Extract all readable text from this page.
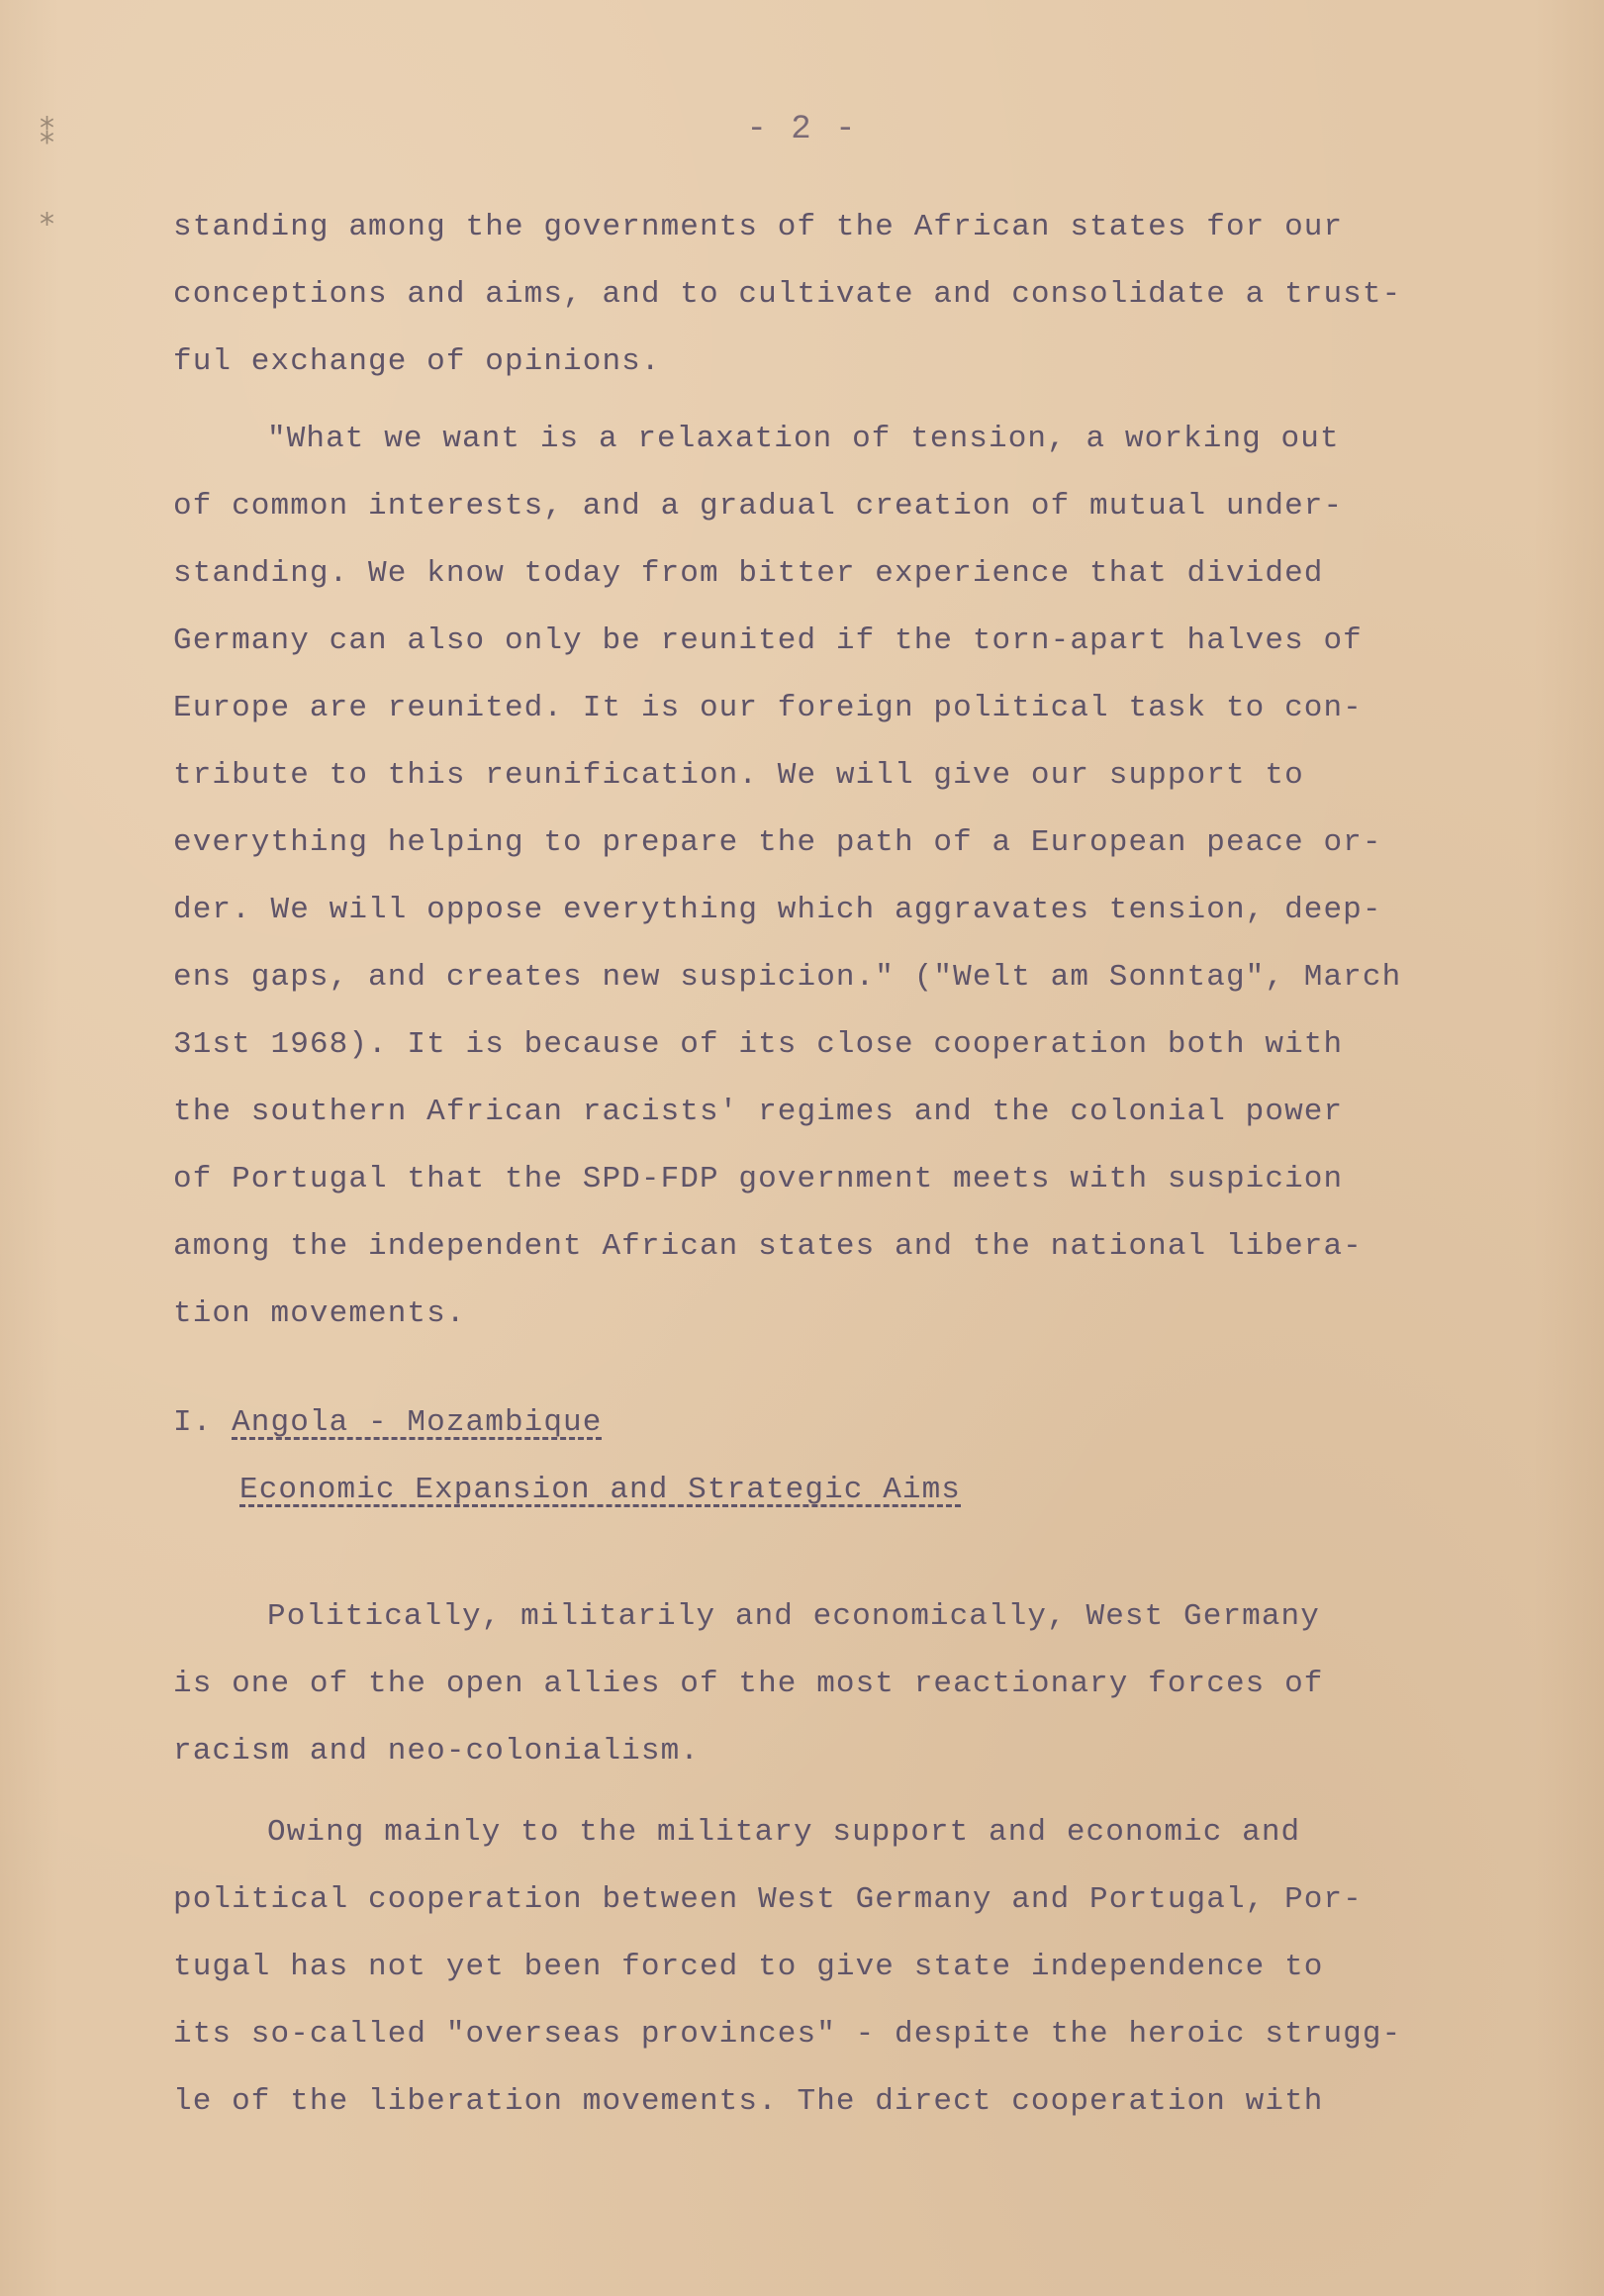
⁑
⁎
- 2 -
standing among the governments of the African states for our
conceptions and aims, and to cultivate and consolidate a trust-
ful exchange of opinions.
"What we want is a relaxation of tension, a working out
of common interests, and a gradual creation of mutual under-
standing. We know today from bitter experience that divided
Germany can also only be reunited if the torn-apart halves of
Europe are reunited. It is our foreign political task to con-
tribute to this reunification. We will give our support to
everything helping to prepare the path of a European peace or-
der. We will oppose everything which aggravates tension, deep-
ens gaps, and creates new suspicion." ("Welt am Sonntag", March
31st 1968). It is because of its close cooperation both with
the southern African racists' regimes and the colonial power
of Portugal that the SPD-FDP government meets with suspicion
among the independent African states and the national libera-
tion movements.
I. Angola - Mozambique
Economic Expansion and Strategic Aims
Politically, militarily and economically, West Germany
is one of the open allies of the most reactionary forces of
racism and neo-colonialism.
Owing mainly to the military support and economic and
political cooperation between West Germany and Portugal, Por-
tugal has not yet been forced to give state independence to
its so-called "overseas provinces" - despite the heroic strugg-
le of the liberation movements. The direct cooperation with
